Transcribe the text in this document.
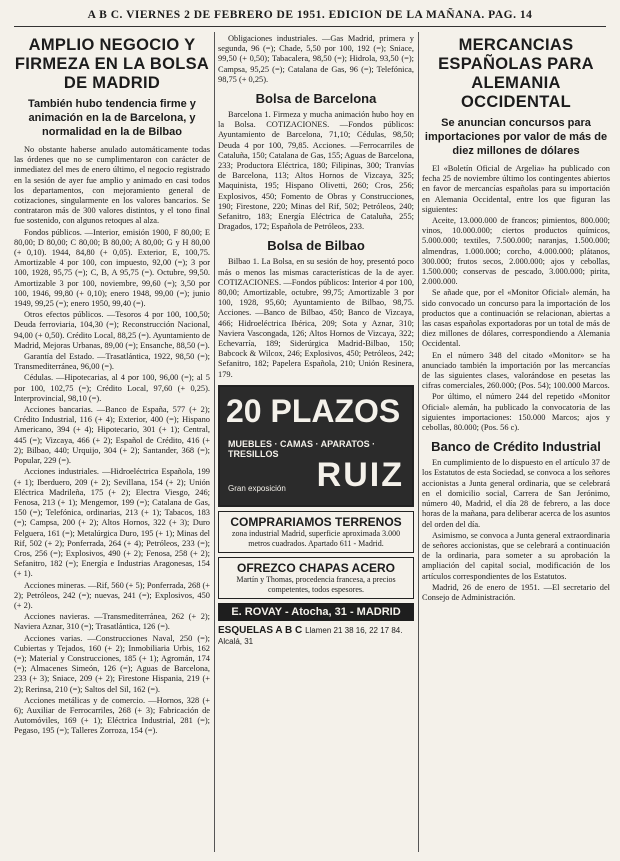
A B C. VIERNES 2 DE FEBRERO DE 1951. EDICION DE LA MAÑANA. PAG. 14
AMPLIO NEGOCIO Y FIRMEZA EN LA BOLSA DE MADRID
También hubo tendencia firme y animación en la de Barcelona, y normalidad en la de Bilbao
No obstante haberse anulado automáticamente todas las órdenes que no se cumplimentaron con carácter de inmediatez del mes de enero último, el negocio registrado en la sesión de ayer fue amplio y animado en casi todos los departamentos, con mejoramiento general de cotizaciones, singularmente en los valores bancarios. Se contrataron más de 300 valores distintos, y el tono final fue sostenido, con algunos retoques al alza.
Fondos públicos. —Interior, emisión 1900, F 80,00; E 80,00; D 80,00; C 80,00; B 80,00; A 80,00; G y H 80,00 (+ 0,10). 1944, 84,80 (+ 0,05). Exterior, E, 100,75. Amortizable 4 por 100, con impuesto, 92,00 (=); 3 por 100, 1928, 95,75 (=); C, B, A 95,75 (=). Octubre, 99,50. Amortizable 3 por 100, noviembre, 99,60 (=); 3,50 por 100, 1946, 99,80 (+ 0,10); enero 1948, 99,00 (=); junio 1949, 99,25 (=); enero 1950, 99,40 (=).
Otros efectos públicos. —Tesoros 4 por 100, 100,50; Deuda ferroviaria, 104,30 (=); Reconstrucción Nacional, 94,00 (+ 0,50). Crédito Local, 88,25 (=). Ayuntamiento de Madrid, Mejoras Urbanas, 89,00 (=); Ensanche, 88,50 (=).
Garantía del Estado. —Trasatlántica, 1922, 98,50 (=); Transmediterránea, 96,00 (=).
Cédulas. —Hipotecarias, al 4 por 100, 96,00 (=); al 5 por 100, 102,75 (=); Crédito Local, 97,60 (+ 0,25). Interprovincial, 98,10 (=).
Acciones bancarias. —Banco de España, 577 (+ 2); Crédito Industrial, 116 (+ 4); Exterior, 400 (=); Hispano Americano, 394 (+ 4); Hipotecario, 301 (+ 1); Central, 445 (=); Vizcaya, 466 (+ 2); Español de Crédito, 416 (+ 2); Bilbao, 440; Urquijo, 304 (+ 2); Santander, 368 (=); Popular, 229 (=).
Acciones industriales. —Hidroeléctrica Española, 199 (+ 1); Iberduero, 209 (+ 2); Sevillana, 154 (+ 2); Unión Eléctrica Madrileña, 175 (+ 2); Electra Viesgo, 246; Fenosa, 213 (+ 1); Mengemor, 199 (=); Catalana de Gas, 150 (=); Telefónica, ordinarias, 213 (+ 1); Tabacos, 183 (=); Campsa, 200 (+ 2); Altos Hornos, 322 (+ 3); Duro Felguera, 161 (=); Metalúrgica Duro, 195 (+ 1); Minas del Rif, 502 (+ 2); Ponferrada, 264 (+ 4); Petróleos, 233 (=); Cros, 256 (=); Explosivos, 490 (+ 2); Fenosa, 258 (+ 2); Sefanitro, 182 (=); Energía e Industrias Aragonesas, 154 (+ 1).
Acciones mineras. —Rif, 560 (+ 5); Ponferrada, 268 (+ 2); Petróleos, 242 (=); nuevas, 241 (=); Explosivos, 450 (+ 2).
Acciones navieras. —Transmediterránea, 262 (+ 2); Naviera Aznar, 310 (=); Trasatlántica, 126 (=).
Acciones varias. —Construcciones Naval, 250 (=); Cubiertas y Tejados, 160 (+ 2); Inmobiliaria Urbis, 162 (=); Material y Construcciones, 185 (+ 1); Agromán, 174 (=); Almacenes Simeón, 126 (=); Aguas de Barcelona, 233 (+ 3); Sniace, 209 (+ 2); Firestone Hispania, 219 (+ 2); Rerinsa, 210 (=); Saltos del Sil, 162 (=).
Acciones metálicas y de comercio. —Hornos, 328 (+ 6); Auxiliar de Ferrocarriles, 268 (+ 3); Fabricación de Automóviles, 169 (+ 1); Eléctrica Industrial, 281 (=); Pegaso, 195 (=); Talleres Zorroza, 154 (=).
Obligaciones industriales. —Gas Madrid, primera y segunda, 96 (=); Chade, 5,50 por 100, 192 (=); Sniace, 99,50 (+ 0,50); Tabacalera, 98,50 (=); Hidrola, 93,50 (=); Campsa, 95,25 (=); Catalana de Gas, 96 (=); Telefónica, 98,75 (+ 0,25).
Bolsa de Barcelona
Barcelona 1. Firmeza y mucha animación hubo hoy en la Bolsa. COTIZACIONES. —Fondos públicos: Ayuntamiento de Barcelona, 71,10; Cédulas, 98,50; Deuda 4 por 100, 79,85. Acciones. —Ferrocarriles de Cataluña, 150; Catalana de Gas, 155; Aguas de Barcelona, 233; Productora Eléctrica, 180; Filipinas, 300; Tranvías de Barcelona, 113; Altos Hornos de Vizcaya, 325; Maquinista, 195; Hispano Olivetti, 260; Cros, 256; Explosivos, 450; Fomento de Obras y Construcciones, 190; Firestone, 220; Minas del Rif, 502; Petróleos, 240; Sefanitro, 183; Energía Eléctrica de Cataluña, 255; Dragados, 172; Española de Petróleos, 233.
Bolsa de Bilbao
Bilbao 1. La Bolsa, en su sesión de hoy, presentó poco más o menos las mismas características de la de ayer. COTIZACIONES. —Fondos públicos: Interior 4 por 100, 80,00; Amortizable, octubre, 99,75; Amortizable 3 por 100, 1928, 95,60; Ayuntamiento de Bilbao, 98,75. Acciones. —Banco de Bilbao, 450; Banco de Vizcaya, 466; Hidroeléctrica Ibérica, 209; Sota y Aznar, 310; Naviera Vascongada, 126; Altos Hornos de Vizcaya, 322; Echevarría, 189; Siderúrgica Madrid-Bilbao, 150; Babcock & Wilcox, 246; Explosivos, 450; Petróleos, 242; Sefanitro, 182; Papelera Española, 210; Unión Resinera, 179.
20 PLAZOS
MUEBLES · CAMAS · APARATOS · TRESILLOS
Gran exposición RUIZ
COMPRARIAMOS TERRENOS
zona industrial Madrid, superficie aproximada 3.000 metros cuadrados. Apartado 611 - Madrid.
OFREZCO CHAPAS ACERO
Martín y Thomas, procedencia francesa, a precios competentes, todos espesores.
E. ROVAY - Atocha, 31 - MADRID
ESQUELAS A B C Llamen 21 38 16, 22 17 84. Alcalá, 31
MERCANCIAS ESPAÑOLAS PARA ALEMANIA OCCIDENTAL
Se anuncian concursos para importaciones por valor de más de diez millones de dólares
El «Boletín Oficial de Argelia» ha publicado con fecha 25 de noviembre último los contingentes abiertos en favor de mercancías españolas para su importación en Alemania Occidental, entre los que figuran las siguientes:
Aceite, 13.000.000 de francos; pimientos, 800.000; vinos, 10.000.000; ciertos productos químicos, 5.000.000; textiles, 7.500.000; naranjas, 1.500.000; almendras, 1.000.000; corcho, 4.000.000; plátanos, 300.000; frutos secos, 2.000.000; ajos y cebollas, 1.500.000; conservas de pescado, 3.000.000; pirita, 2.000.000.
Se añade que, por el «Monitor Oficial» alemán, ha sido convocado un concurso para la importación de los productos que a continuación se relacionan, abiertas a las casas españolas exportadoras por un total de más de diez millones de dólares, correspondiendo a Alemania Occidental.
En el número 348 del citado «Monitor» se ha anunciado también la importación por las mercancías de las siguientes clases, valorándose en pesetas las cifras comerciales, 260.000; (Pos. 54); 100.000 Marcos.
Por último, el número 244 del repetido «Monitor Oficial» alemán, ha publicado la convocatoria de las siguientes importaciones: 150.000 Marcos; ajos y cebollas, 80.000; (Pos. 56 c).
Banco de Crédito Industrial
En cumplimiento de lo dispuesto en el artículo 37 de los Estatutos de esta Sociedad, se convoca a los señores accionistas a Junta general ordinaria, que se celebrará en el domicilio social, Carrera de San Jerónimo, número 40, Madrid, el día 28 de febrero, a las doce horas de la mañana, para deliberar acerca de los asuntos del orden del día.
Asimismo, se convoca a Junta general extraordinaria de señores accionistas, que se celebrará a continuación de la ordinaria, para someter a su aprobación la ampliación del capital social, modificación de los artículos correspondientes de los Estatutos.
Madrid, 26 de enero de 1951. —El secretario del Consejo de Administración.
